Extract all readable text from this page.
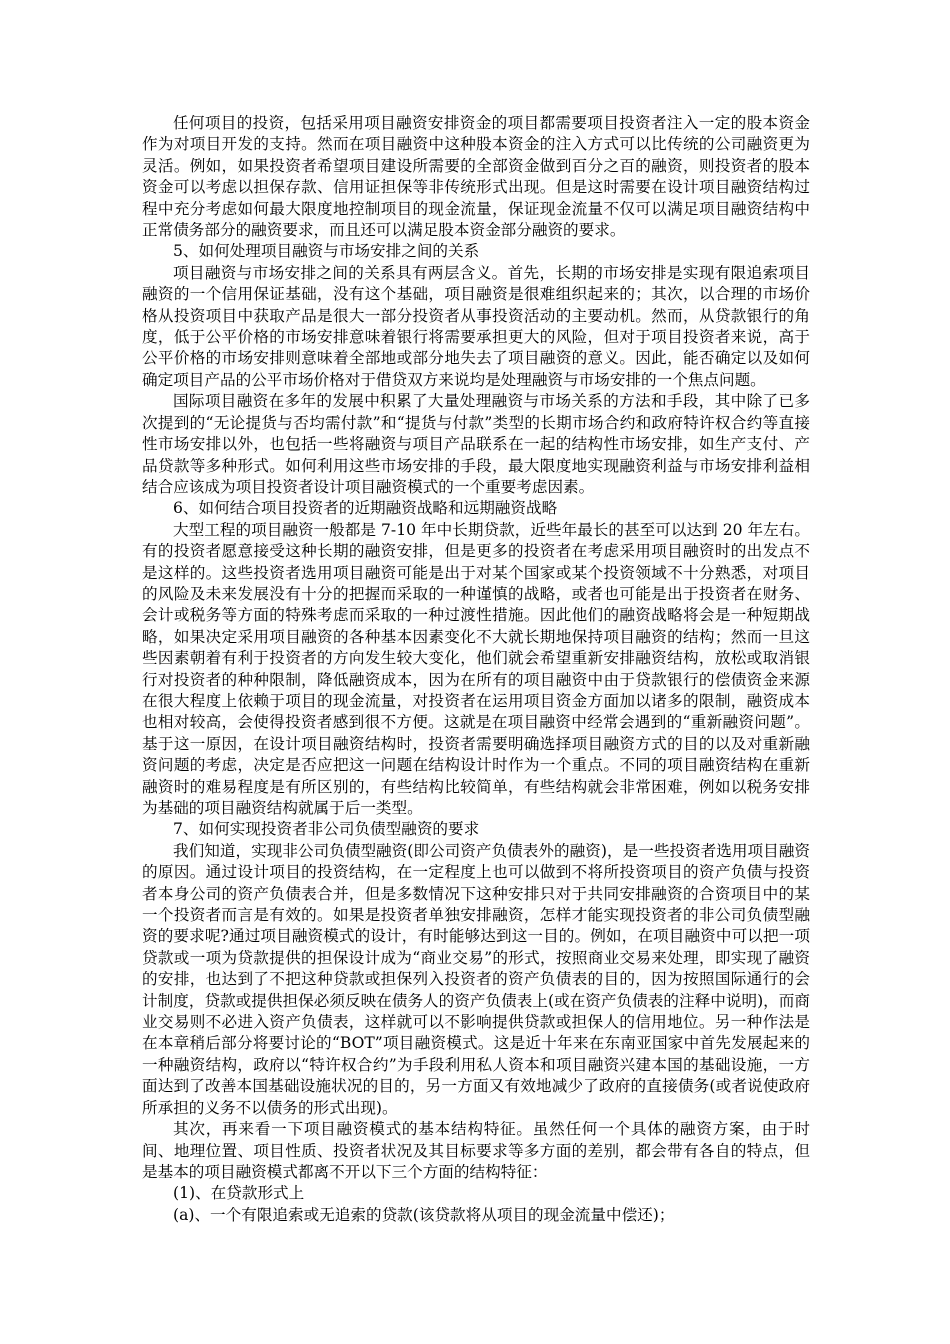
任何项目的投资，包括采用项目融资安排资金的项目都需要项目投资者注入一定的股本资金作为对项目开发的支持。然而在项目融资中这种股本资金的注入方式可以比传统的公司融资更为灵活。例如，如果投资者希望项目建设所需要的全部资金做到百分之百的融资，则投资者的股本资金可以考虑以担保存款、信用证担保等非传统形式出现。但是这时需要在设计项目融资结构过程中充分考虑如何最大限度地控制项目的现金流量，保证现金流量不仅可以满足项目融资结构中正常债务部分的融资要求，而且还可以满足股本资金部分融资的要求。

5、如何处理项目融资与市场安排之间的关系

项目融资与市场安排之间的关系具有两层含义。首先，长期的市场安排是实现有限追索项目融资的一个信用保证基础，没有这个基础，项目融资是很难组织起来的；其次，以合理的市场价格从投资项目中获取产品是很大一部分投资者从事投资活动的主要动机。然而，从贷款银行的角度，低于公平价格的市场安排意味着银行将需要承担更大的风险，但对于项目投资者来说，高于公平价格的市场安排则意味着全部地或部分地失去了项目融资的意义。因此，能否确定以及如何确定项目产品的公平市场价格对于借贷双方来说均是处理融资与市场安排的一个焦点问题。

国际项目融资在多年的发展中积累了大量处理融资与市场关系的方法和手段，其中除了已多次提到的“无论提货与否均需付款”和“提货与付款”类型的长期市场合约和政府特许权合约等直接性市场安排以外，也包括一些将融资与项目产品联系在一起的结构性市场安排，如生产支付、产品贷款等多种形式。如何利用这些市场安排的手段，最大限度地实现融资利益与市场安排利益相结合应该成为项目投资者设计项目融资模式的一个重要考虑因素。

6、如何结合项目投资者的近期融资战略和远期融资战略

大型工程的项目融资一般都是 7-10 年中长期贷款，近些年最长的甚至可以达到 20 年左右。有的投资者愿意接受这种长期的融资安排，但是更多的投资者在考虑采用项目融资时的出发点不是这样的。这些投资者选用项目融资可能是出于对某个国家或某个投资领域不十分熟悉，对项目的风险及未来发展没有十分的把握而采取的一种谨慎的战略，或者也可能是出于投资者在财务、会计或税务等方面的特殊考虑而采取的一种过渡性措施。因此他们的融资战略将会是一种短期战略，如果决定采用项目融资的各种基本因素变化不大就长期地保持项目融资的结构；然而一旦这些因素朝着有利于投资者的方向发生较大变化，他们就会希望重新安排融资结构，放松或取消银行对投资者的种种限制，降低融资成本，因为在所有的项目融资中由于贷款银行的偿债资金来源在很大程度上依赖于项目的现金流量，对投资者在运用项目资金方面加以诸多的限制，融资成本也相对较高，会使得投资者感到很不方便。这就是在项目融资中经常会遇到的“重新融资问题”。基于这一原因，在设计项目融资结构时，投资者需要明确选择项目融资方式的目的以及对重新融资问题的考虑，决定是否应把这一问题在结构设计时作为一个重点。不同的项目融资结构在重新融资时的难易程度是有所区别的，有些结构比较简单，有些结构就会非常困难，例如以税务安排为基础的项目融资结构就属于后一类型。

7、如何实现投资者非公司负债型融资的要求

我们知道，实现非公司负债型融资(即公司资产负债表外的融资)，是一些投资者选用项目融资的原因。通过设计项目的投资结构，在一定程度上也可以做到不将所投资项目的资产负债与投资者本身公司的资产负债表合并，但是多数情况下这种安排只对于共同安排融资的合资项目中的某一个投资者而言是有效的。如果是投资者单独安排融资，怎样才能实现投资者的非公司负债型融资的要求呢?通过项目融资模式的设计，有时能够达到这一目的。例如，在项目融资中可以把一项贷款或一项为贷款提供的担保设计成为“商业交易”的形式，按照商业交易来处理，即实现了融资的安排，也达到了不把这种贷款或担保列入投资者的资产负债表的目的，因为按照国际通行的会计制度，贷款或提供担保必须反映在债务人的资产负债表上(或在资产负债表的注释中说明)，而商业交易则不必进入资产负债表，这样就可以不影响提供贷款或担保人的信用地位。另一种作法是在本章稍后部分将要讨论的“BOT”项目融资模式。这是近十年来在东南亚国家中首先发展起来的一种融资结构，政府以“特许权合约”为手段利用私人资本和项目融资兴建本国的基础设施，一方面达到了改善本国基础设施状况的目的，另一方面又有效地减少了政府的直接债务(或者说使政府所承担的义务不以债务的形式出现)。

其次，再来看一下项目融资模式的基本结构特征。虽然任何一个具体的融资方案，由于时间、地理位置、项目性质、投资者状况及其目标要求等多方面的差别，都会带有各自的特点，但是基本的项目融资模式都离不开以下三个方面的结构特征：

(1)、在贷款形式上

(a)、一个有限追索或无追索的贷款(该贷款将从项目的现金流量中偿还)；
